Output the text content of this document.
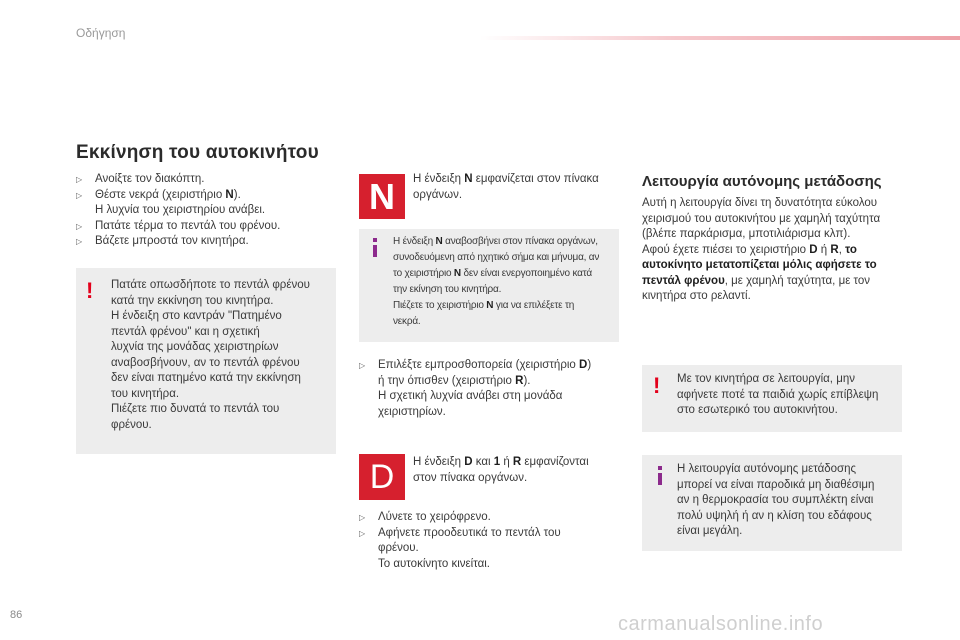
Οδήγηση
Εκκίνηση του αυτοκινήτου
▷ Ανοίξτε τον διακόπτη.
▷ Θέστε νεκρά (χειριστήριο N).
Η λυχνία του χειριστηρίου ανάβει.
▷ Πατάτε τέρμα το πεντάλ του φρένου.
▷ Βάζετε μπροστά τον κινητήρα.
! Πατάτε οπωσδήποτε το πεντάλ φρένου
κατά την εκκίνηση του κινητήρα.
Η ένδειξη στο καντράν "Πατημένο
πεντάλ φρένου" και η σχετική
λυχνία της μονάδας χειριστηρίων
αναβοσβήνουν, αν το πεντάλ φρένου
δεν είναι πατημένο κατά την εκκίνηση
του κινητήρα.
Πιέζετε πιο δυνατά το πεντάλ του
φρένου.
N Η ένδειξη N εμφανίζεται στον πίνακα
οργάνων.
Η ένδειξη N αναβοσβήνει στον πίνακα οργάνων,
συνοδευόμενη από ηχητικό σήμα και μήνυμα, αν
το χειριστήριο N δεν είναι ενεργοποιημένο κατά
την εκίνηση του κινητήρα.
Πιέζετε το χειριστήριο N για να επιλέξετε τη
νεκρά.
▷ Επιλέξτε εμπροσθοπορεία (χειριστήριο D)
ή την όπισθεν (χειριστήριο R).
Η σχετική λυχνία ανάβει στη μονάδα
χειριστηρίων.
D Η ένδειξη D και 1 ή R εμφανίζονται
στον πίνακα οργάνων.
▷ Λύνετε το χειρόφρενο.
▷ Αφήνετε προοδευτικά το πεντάλ του
φρένου.
Το αυτοκίνητο κινείται.
Λειτουργία αυτόνομης μετάδοσης
Αυτή η λειτουργία δίνει τη δυνατότητα εύκολου
χειρισμού του αυτοκινήτου με χαμηλή ταχύτητα
(βλέπε παρκάρισμα, μποτιλιάρισμα κλπ).
Αφού έχετε πιέσει το χειριστήριο D ή R, το
αυτοκίνητο μετατοπίζεται μόλις αφήσετε το
πεντάλ φρένου, με χαμηλή ταχύτητα, με τον
κινητήρα στο ρελαντί.
! Με τον κινητήρα σε λειτουργία, μην
αφήνετε ποτέ τα παιδιά χωρίς επίβλεψη
στο εσωτερικό του αυτοκινήτου.
Η λειτουργία αυτόνομης μετάδοσης
μπορεί να είναι παροδικά μη διαθέσιμη
αν η θερμοκρασία του συμπλέκτη είναι
πολύ υψηλή ή αν η κλίση του εδάφους
είναι μεγάλη.
86	carmanualsonline.info
